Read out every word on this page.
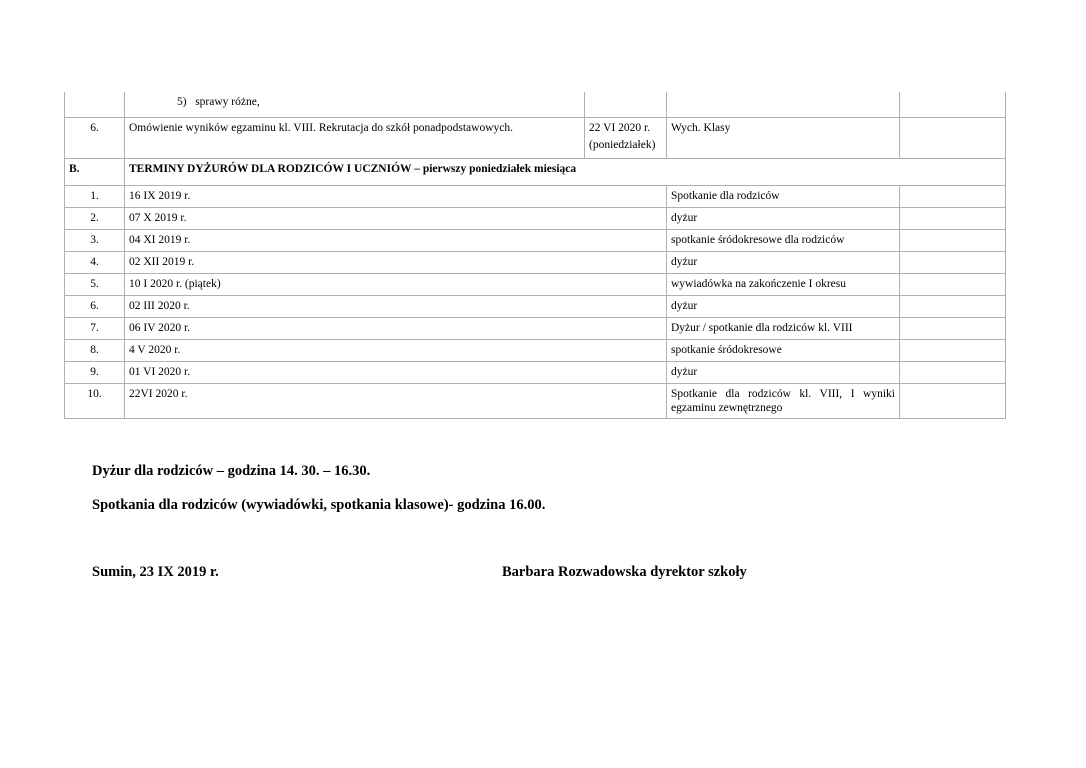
	5)   sprawy różne,			
6.	Omówienie wyników egzaminu kl. VIII. Rekrutacja do szkół ponadpodstawowych.	22 VI 2020 r.
(poniedziałek)	Wych. Klasy	
B.	TERMINY DYŻURÓW DLA RODZICÓW I UCZNIÓW – pierwszy poniedziałek miesiąca			
1.	16 IX 2019 r.		Spotkanie dla rodziców	
2.	07 X 2019 r.		dyżur	
3.	04 XI 2019 r.		spotkanie śródokresowe dla rodziców	
4.	02 XII 2019 r.		dyżur	
5.	10 I 2020 r. (piątek)		wywiadówka na zakończenie I okresu	
6.	02 III 2020 r.		dyżur	
7.	06 IV 2020 r.		Dyżur / spotkanie dla rodziców kl. VIII	
8.	4 V 2020 r.		spotkanie śródokresowe	
9.	01 VI 2020 r.		dyżur	
10.	22VI 2020 r.		Spotkanie dla rodziców kl. VIII, I wyniki egzaminu zewnętrznego	
Dyżur dla rodziców – godzina 14. 30. – 16.30.
Spotkania dla rodziców (wywiadówki, spotkania klasowe)- godzina 16.00.
Sumin, 23 IX 2019 r.	Barbara Rozwadowska dyrektor szkoły
